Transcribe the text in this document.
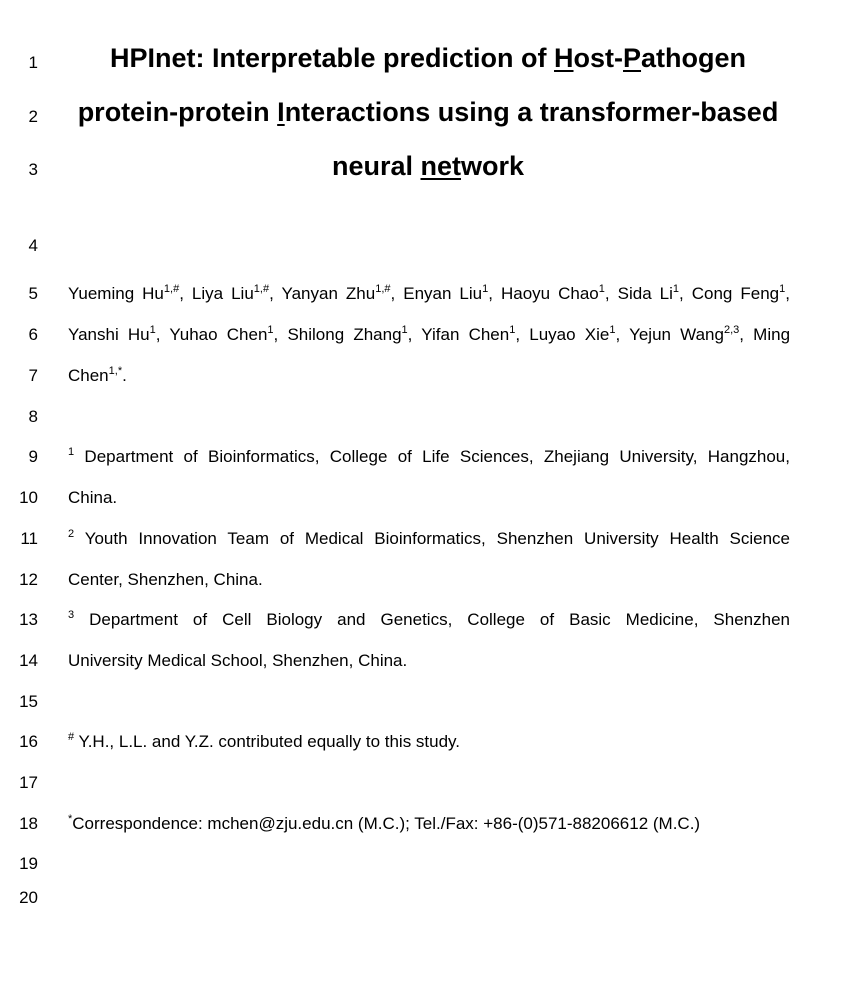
1
2
3
4
5
6
7
8
9
10
11
12
13
14
15
16
17
18
19
20
HPInet: Interpretable prediction of Host-Pathogen
protein-protein Interactions using a transformer-based
neural network
Yueming $Hu^{1,\#}$, Liya Liu$^{1,\#}$, Yanyan Zhu$^{1,\#}$, Enyan Liu$^1$, Haoyu Chao$^1$, Sida Li$^1$, Cong Feng$^1$,
Yanshi Hu$^1$, Yuhao Chen$^1$, Shilong Zhang$^1$, Yifan Chen$^1$, Luyao Xie$^1$, Yejun Wang$^{2,3}$, Ming
Chen$^{1,*}$.
$^1$ Department of Bioinformatics, College of Life Sciences, Zhejiang University, Hangzhou,
China.
$^2$ Youth Innovation Team of Medical Bioinformatics, Shenzhen University Health Science
Center, Shenzhen, China.
$^3$ Department of Cell Biology and Genetics, College of Basic Medicine, Shenzhen
University Medical School, Shenzhen, China.
# Y.H., L.L. and Y.Z. contributed equally to this study.
*Correspondence: mchen@zju.edu.cn (M.C.); Tel./Fax: +86-(0)571-88206612 (M.C.)
